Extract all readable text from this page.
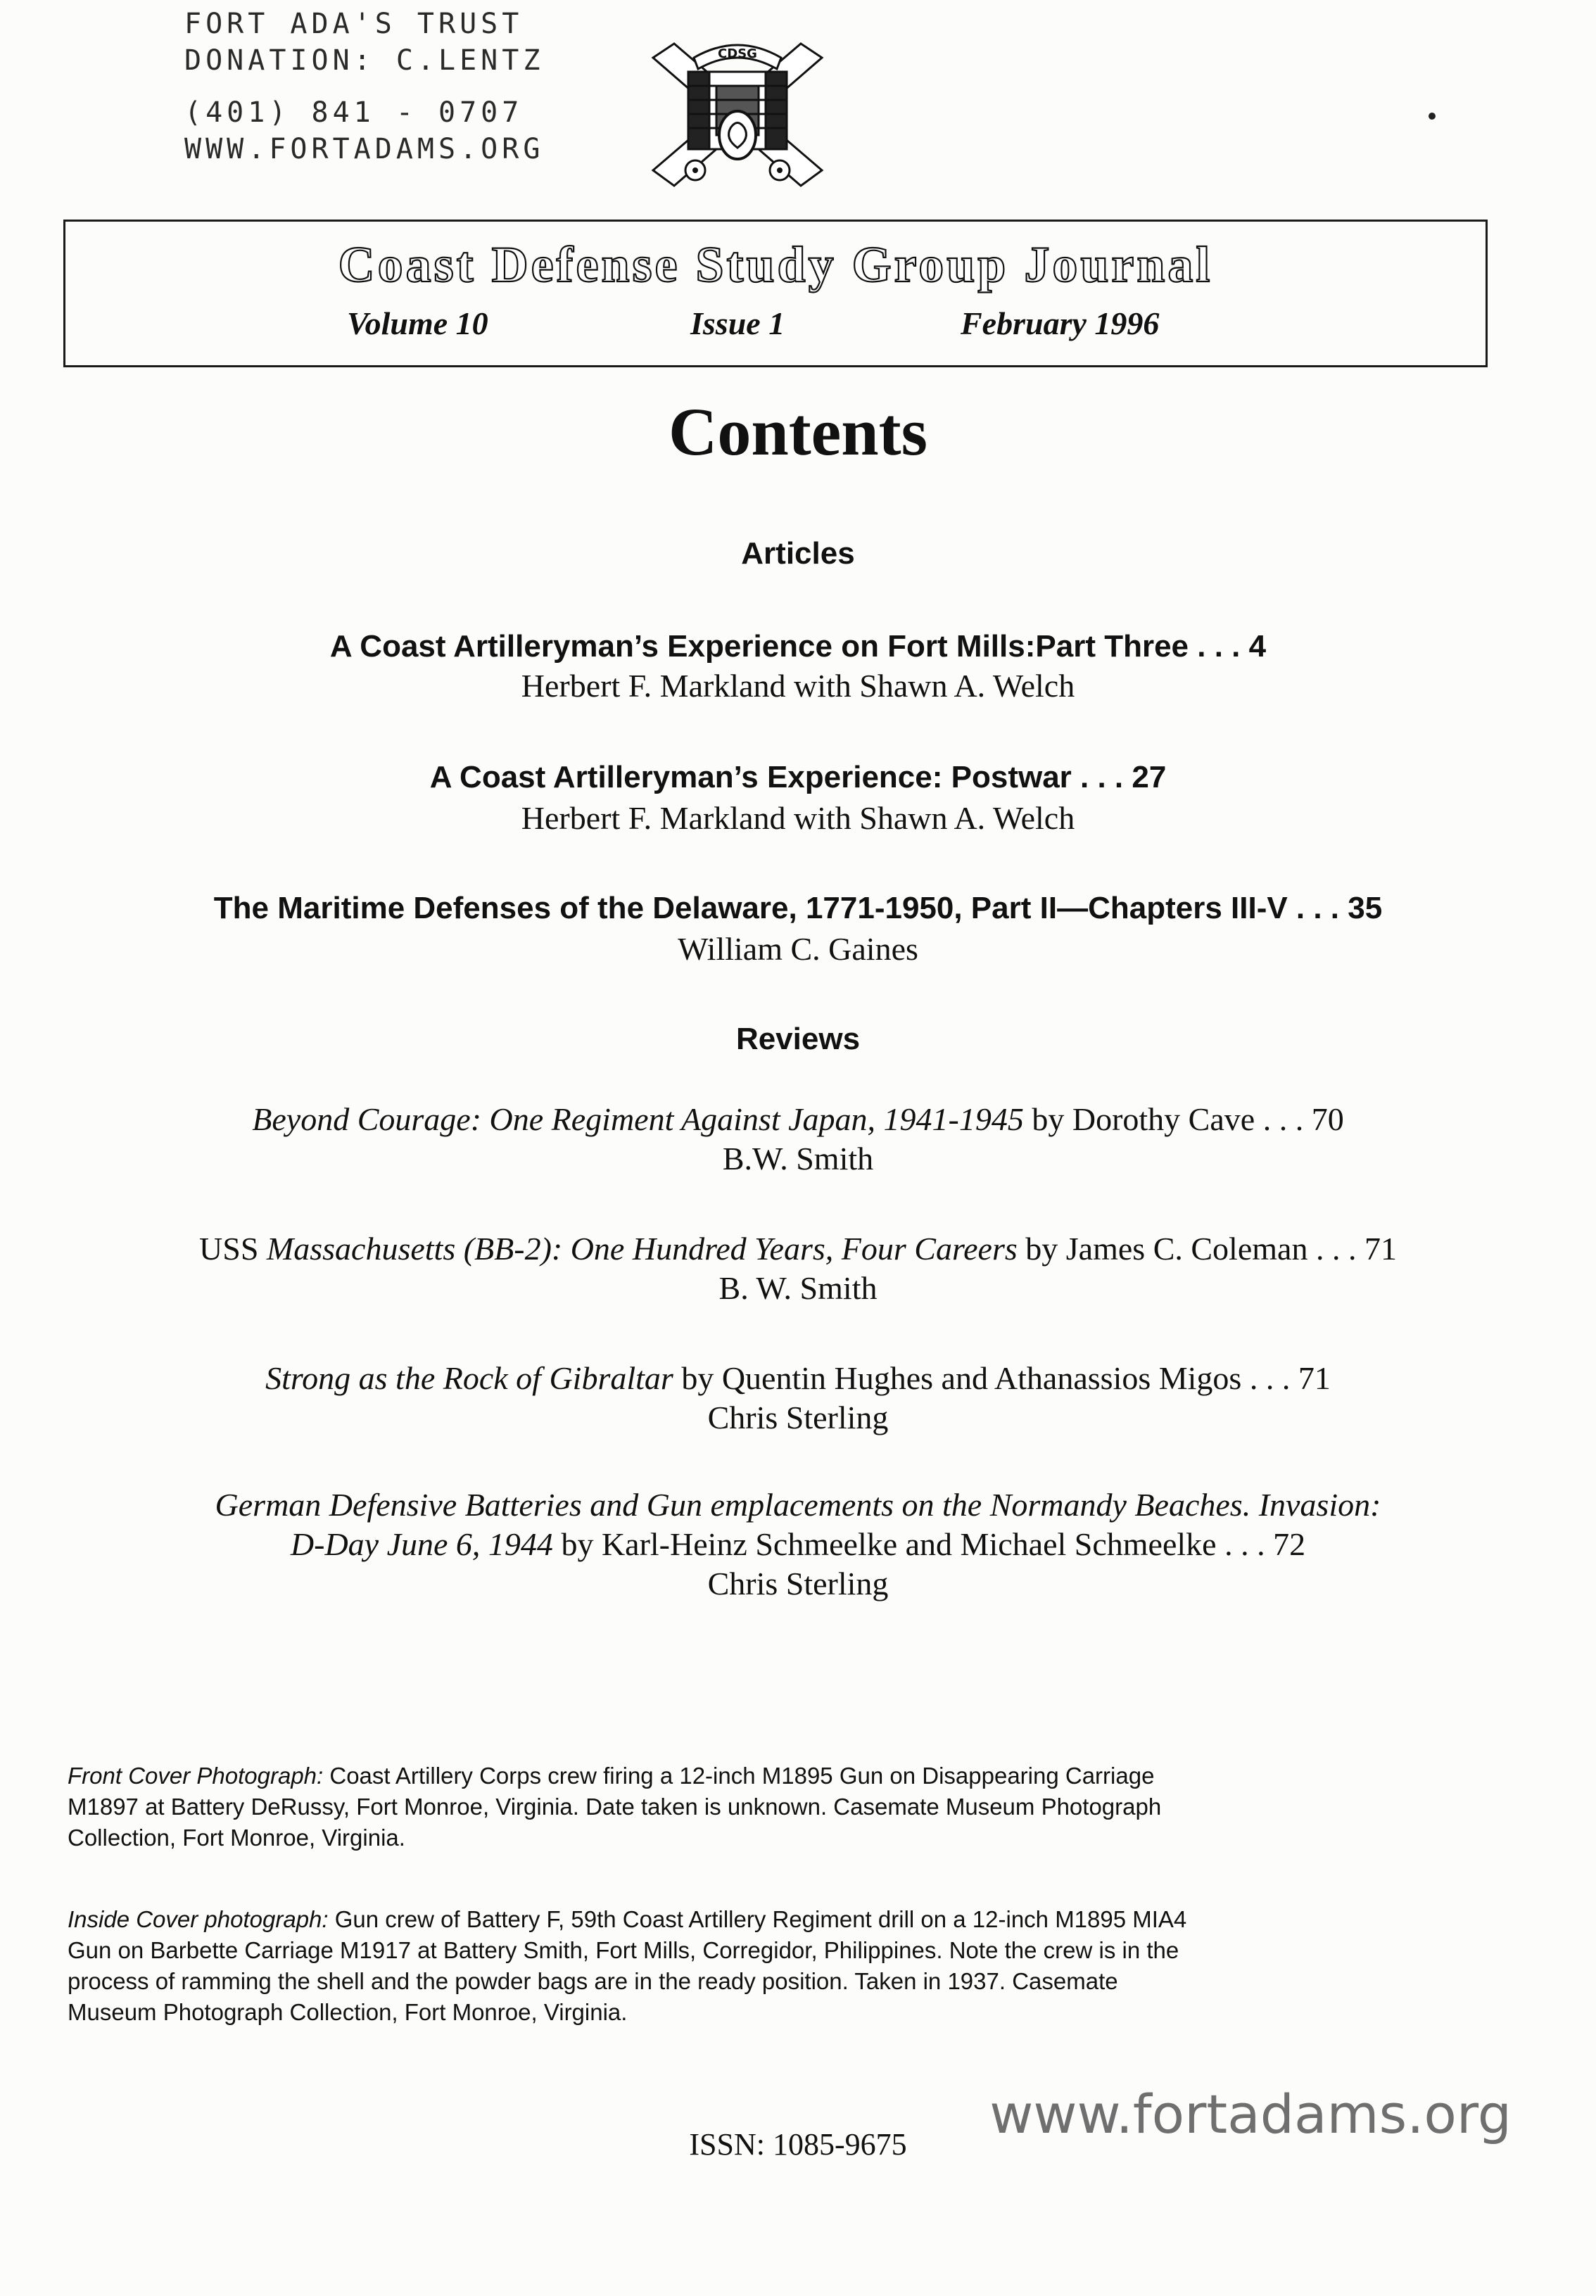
FORT ADA'S TRUST
DONATION: C.LENTZ
(401) 841 - 0707
WWW.FORTADAMS.ORG
CDSG
Coast Defense Study Group Journal
Volume 10	Issue 1	February 1996
Contents
Articles
A Coast Artilleryman’s Experience on Fort Mills:Part Three . . . 4
Herbert F. Markland with Shawn A. Welch
A Coast Artilleryman’s Experience: Postwar . . . 27
Herbert F. Markland with Shawn A. Welch
The Maritime Defenses of the Delaware, 1771-1950, Part II—Chapters III-V . . . 35
William C. Gaines
Reviews
Beyond Courage: One Regiment Against Japan, 1941-1945 by Dorothy Cave . . . 70
B.W. Smith
USS Massachusetts (BB-2): One Hundred Years, Four Careers by James C. Coleman . . . 71
B. W. Smith
Strong as the Rock of Gibraltar by Quentin Hughes and Athanassios Migos . . . 71
Chris Sterling
German Defensive Batteries and Gun emplacements on the Normandy Beaches. Invasion:
D-Day June 6, 1944 by Karl-Heinz Schmeelke and Michael Schmeelke . . . 72
Chris Sterling
Front Cover Photograph: Coast Artillery Corps crew firing a 12-inch M1895 Gun on Disappearing Carriage
M1897 at Battery DeRussy, Fort Monroe, Virginia. Date taken is unknown. Casemate Museum Photograph
Collection, Fort Monroe, Virginia.
Inside Cover photograph: Gun crew of Battery F, 59th Coast Artillery Regiment drill on a 12-inch M1895 MIA4
Gun on Barbette Carriage M1917 at Battery Smith, Fort Mills, Corregidor, Philippines. Note the crew is in the
process of ramming the shell and the powder bags are in the ready position. Taken in 1937. Casemate
Museum Photograph Collection, Fort Monroe, Virginia.
ISSN: 1085-9675	www.fortadams.org
